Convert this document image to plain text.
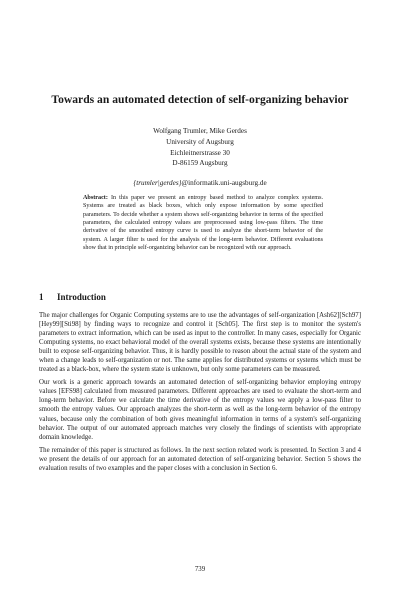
Towards an automated detection of self-organizing behavior
Wolfgang Trumler, Mike Gerdes
University of Augsburg
Eichleitnerstrasse 30
D-86159 Augsburg
{trumler|gerdes}@informatik.uni-augsburg.de
Abstract: In this paper we present an entropy based method to analyze complex systems. Systems are treated as black boxes, which only expose information by some specified parameters. To decide whether a system shows self-organizing behavior in terms of the specified parameters, the calculated entropy values are preprocessed using low-pass filters. The time derivative of the smoothed entropy curve is used to analyze the short-term behavior of the system. A larger filter is used for the analysis of the long-term behavior. Different evaluations show that in principle self-organizing behavior can be recognized with our approach.
1 Introduction

The major challenges for Organic Computing systems are to use the advantages of self-organization [Ash62][Sch97][Hey99][Sti98] by finding ways to recognize and control it [Sch05]. The first step is to monitor the system's parameters to extract information, which can be used as input to the controller. In many cases, especially for Organic Computing systems, no exact behavioral model of the overall systems exists, because these systems are intentionally built to expose self-organizing behavior. Thus, it is hardly possible to reason about the actual state of the system and when a change leads to self-organization or not. The same applies for distributed systems or systems which must be treated as a black-box, where the system state is unknown, but only some parameters can be measured.

Our work is a generic approach towards an automated detection of self-organizing behavior employing entropy values [EFS98] calculated from measured parameters. Different approaches are used to evaluate the short-term and long-term behavior. Before we calculate the time derivative of the entropy values we apply a low-pass filter to smooth the entropy values. Our approach analyzes the short-term as well as the long-term behavior of the entropy values, because only the combination of both gives meaningful information in terms of a system's self-organizing behavior. The output of our automated approach matches very closely the findings of scientists with appropriate domain knowledge.

The remainder of this paper is structured as follows. In the next section related work is presented. In Section 3 and 4 we present the details of our approach for an automated detection of self-organizing behavior. Section 5 shows the evaluation results of two examples and the paper closes with a conclusion in Section 6.

739
